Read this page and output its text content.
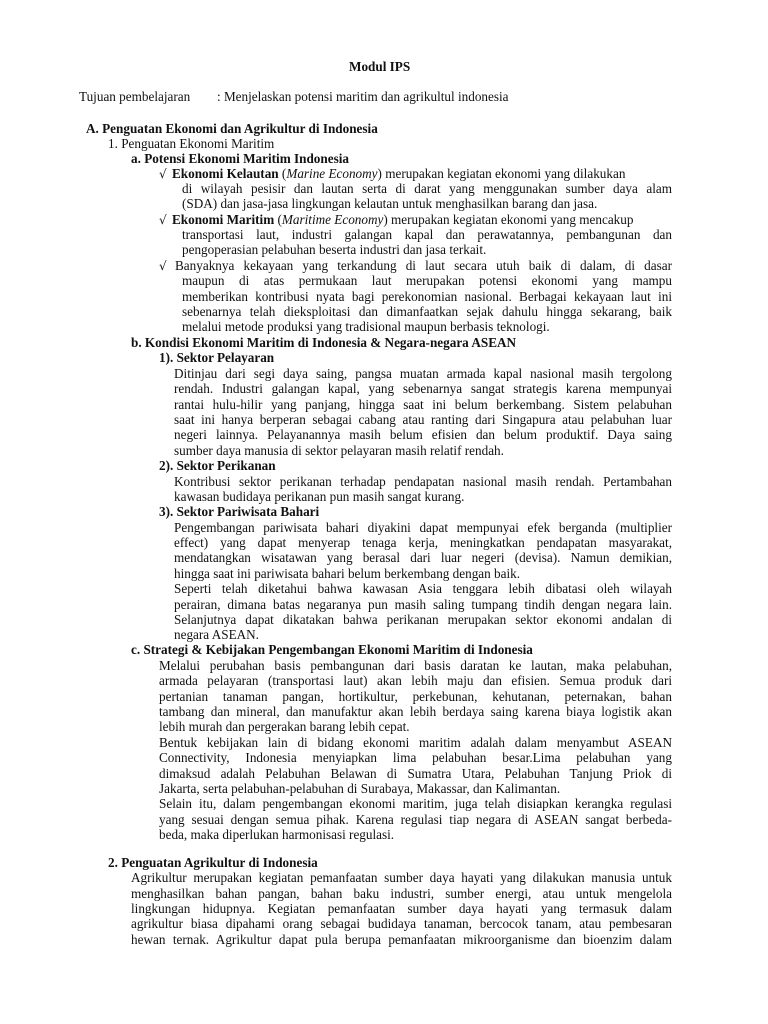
Modul IPS
Tujuan pembelajaran : Menjelaskan potensi maritim dan agrikultul indonesia
A. Penguatan Ekonomi dan Agrikultur di Indonesia
1. Penguatan Ekonomi Maritim
a. Potensi Ekonomi Maritim Indonesia
√ Ekonomi Kelautan (Marine Economy) merupakan kegiatan ekonomi yang dilakukan
di wilayah pesisir dan lautan serta di darat yang menggunakan sumber daya alam
(SDA) dan jasa-jasa lingkungan kelautan untuk menghasilkan barang dan jasa.
√ Ekonomi Maritim (Maritime Economy) merupakan kegiatan ekonomi yang mencakup
transportasi laut, industri galangan kapal dan perawatannya, pembangunan dan
pengoperasian pelabuhan beserta industri dan jasa terkait.
√ Banyaknya kekayaan yang terkandung di laut secara utuh baik di dalam, di dasar
maupun di atas permukaan laut merupakan potensi ekonomi yang mampu
memberikan kontribusi nyata bagi perekonomian nasional. Berbagai kekayaan laut ini
sebenarnya telah dieksploitasi dan dimanfaatkan sejak dahulu hingga sekarang, baik
melalui metode produksi yang tradisional maupun berbasis teknologi.
b. Kondisi Ekonomi Maritim di Indonesia & Negara-negara ASEAN
1). Sektor Pelayaran
Ditinjau dari segi daya saing, pangsa muatan armada kapal nasional masih tergolong
rendah. Industri galangan kapal, yang sebenarnya sangat strategis karena mempunyai
rantai hulu-hilir yang panjang, hingga saat ini belum berkembang. Sistem pelabuhan
saat ini hanya berperan sebagai cabang atau ranting dari Singapura atau pelabuhan luar
negeri lainnya. Pelayanannya masih belum efisien dan belum produktif. Daya saing
sumber daya manusia di sektor pelayaran masih relatif rendah.
2). Sektor Perikanan
Kontribusi sektor perikanan terhadap pendapatan nasional masih rendah. Pertambahan
kawasan budidaya perikanan pun masih sangat kurang.
3). Sektor Pariwisata Bahari
Pengembangan pariwisata bahari diyakini dapat mempunyai efek berganda (multiplier
effect) yang dapat menyerap tenaga kerja, meningkatkan pendapatan masyarakat,
mendatangkan wisatawan yang berasal dari luar negeri (devisa). Namun demikian,
hingga saat ini pariwisata bahari belum berkembang dengan baik.
Seperti telah diketahui bahwa kawasan Asia tenggara lebih dibatasi oleh wilayah
perairan, dimana batas negaranya pun masih saling tumpang tindih dengan negara lain.
Selanjutnya dapat dikatakan bahwa perikanan merupakan sektor ekonomi andalan di
negara ASEAN.
c. Strategi & Kebijakan Pengembangan Ekonomi Maritim di Indonesia
Melalui perubahan basis pembangunan dari basis daratan ke lautan, maka pelabuhan,
armada pelayaran (transportasi laut) akan lebih maju dan efisien. Semua produk dari
pertanian tanaman pangan, hortikultur, perkebunan, kehutanan, peternakan, bahan
tambang dan mineral, dan manufaktur akan lebih berdaya saing karena biaya logistik akan
lebih murah dan pergerakan barang lebih cepat.
Bentuk kebijakan lain di bidang ekonomi maritim adalah dalam menyambut ASEAN
Connectivity, Indonesia menyiapkan lima pelabuhan besar.Lima pelabuhan yang
dimaksud adalah Pelabuhan Belawan di Sumatra Utara, Pelabuhan Tanjung Priok di
Jakarta, serta pelabuhan-pelabuhan di Surabaya, Makassar, dan Kalimantan.
Selain itu, dalam pengembangan ekonomi maritim, juga telah disiapkan kerangka regulasi
yang sesuai dengan semua pihak. Karena regulasi tiap negara di ASEAN sangat berbeda-
beda, maka diperlukan harmonisasi regulasi.
2. Penguatan Agrikultur di Indonesia
Agrikultur merupakan kegiatan pemanfaatan sumber daya hayati yang dilakukan manusia untuk
menghasilkan bahan pangan, bahan baku industri, sumber energi, atau untuk mengelola
lingkungan hidupnya. Kegiatan pemanfaatan sumber daya hayati yang termasuk dalam
agrikultur biasa dipahami orang sebagai budidaya tanaman, bercocok tanam, atau pembesaran
hewan ternak. Agrikultur dapat pula berupa pemanfaatan mikroorganisme dan bioenzim dalam
